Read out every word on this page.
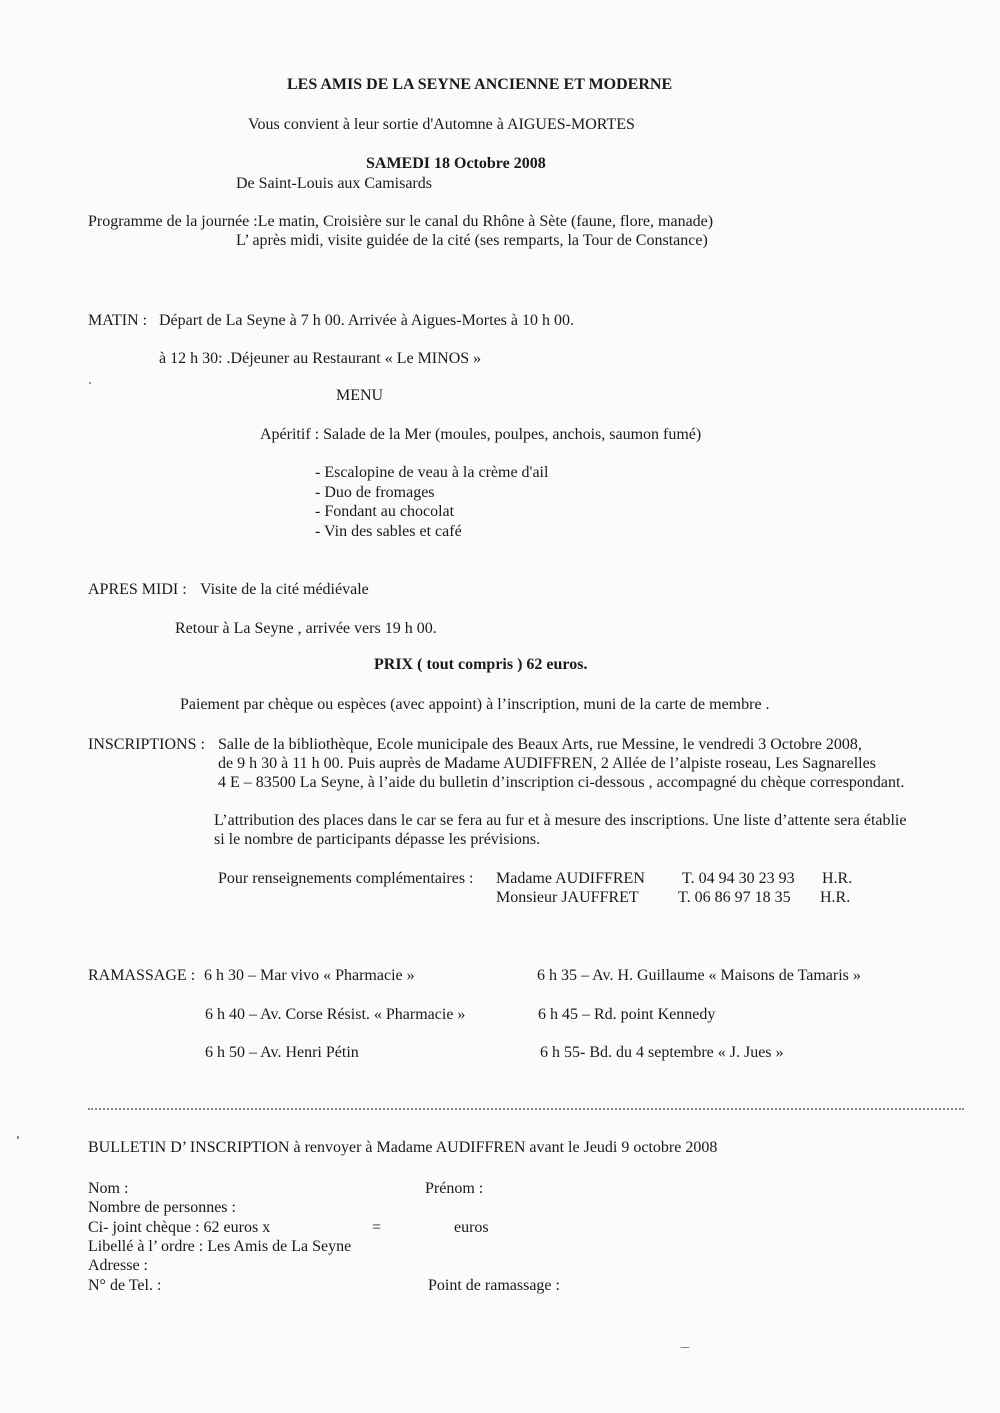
LES AMIS DE LA SEYNE ANCIENNE ET MODERNE
Vous convient à leur sortie d'Automne à AIGUES-MORTES
SAMEDI 18 Octobre 2008
De Saint-Louis aux Camisards
Programme de la journée :Le matin, Croisière sur le canal du Rhône à Sète (faune, flore, manade)
L’ après midi, visite guidée de la cité (ses remparts, la Tour de Constance)
MATIN : Départ de La Seyne à 7 h 00. Arrivée à Aigues-Mortes à 10 h 00.
à 12 h 30: .Déjeuner au Restaurant « Le MINOS »
MENU
Apéritif : Salade de la Mer (moules, poulpes, anchois, saumon fumé)
- Escalopine de veau à la crème d'ail
- Duo de fromages
- Fondant au chocolat
- Vin des sables et café
APRES MIDI : Visite de la cité médiévale
Retour à La Seyne , arrivée vers 19 h 00.
PRIX ( tout compris ) 62 euros.
Paiement par chèque ou espèces (avec appoint) à l’inscription, muni de la carte de membre .
INSCRIPTIONS : Salle de la bibliothèque, Ecole municipale des Beaux Arts, rue Messine, le vendredi 3 Octobre 2008,
de 9 h 30 à 11 h 00. Puis auprès de Madame AUDIFFREN, 2 Allée de l’alpiste roseau, Les Sagnarelles
4 E – 83500 La Seyne, à l’aide du bulletin d’inscription ci-dessous , accompagné du chèque correspondant.
L’attribution des places dans le car se fera au fur et à mesure des inscriptions. Une liste d’attente sera établie
si le nombre de participants dépasse les prévisions.
Pour renseignements complémentaires : Madame AUDIFFREN T. 04 94 30 23 93 H.R.
Monsieur JAUFFRET T. 06 86 97 18 35 H.R.
RAMASSAGE : 6 h 30 – Mar vivo « Pharmacie »	6 h 35 – Av. H. Guillaume « Maisons de Tamaris »
6 h 40 – Av. Corse Résist. « Pharmacie »	6 h 45 – Rd. point Kennedy
6 h 50 – Av. Henri Pétin	6 h 55- Bd. du 4 septembre « J. Jues »
BULLETIN D’ INSCRIPTION à renvoyer à Madame AUDIFFREN avant le Jeudi 9 octobre 2008
Nom :	Prénom :
Nombre de personnes :
Ci- joint chèque : 62 euros x	=	euros
Libellé à l’ ordre : Les Amis de La Seyne
Adresse :
N° de Tel. :	Point de ramassage :
